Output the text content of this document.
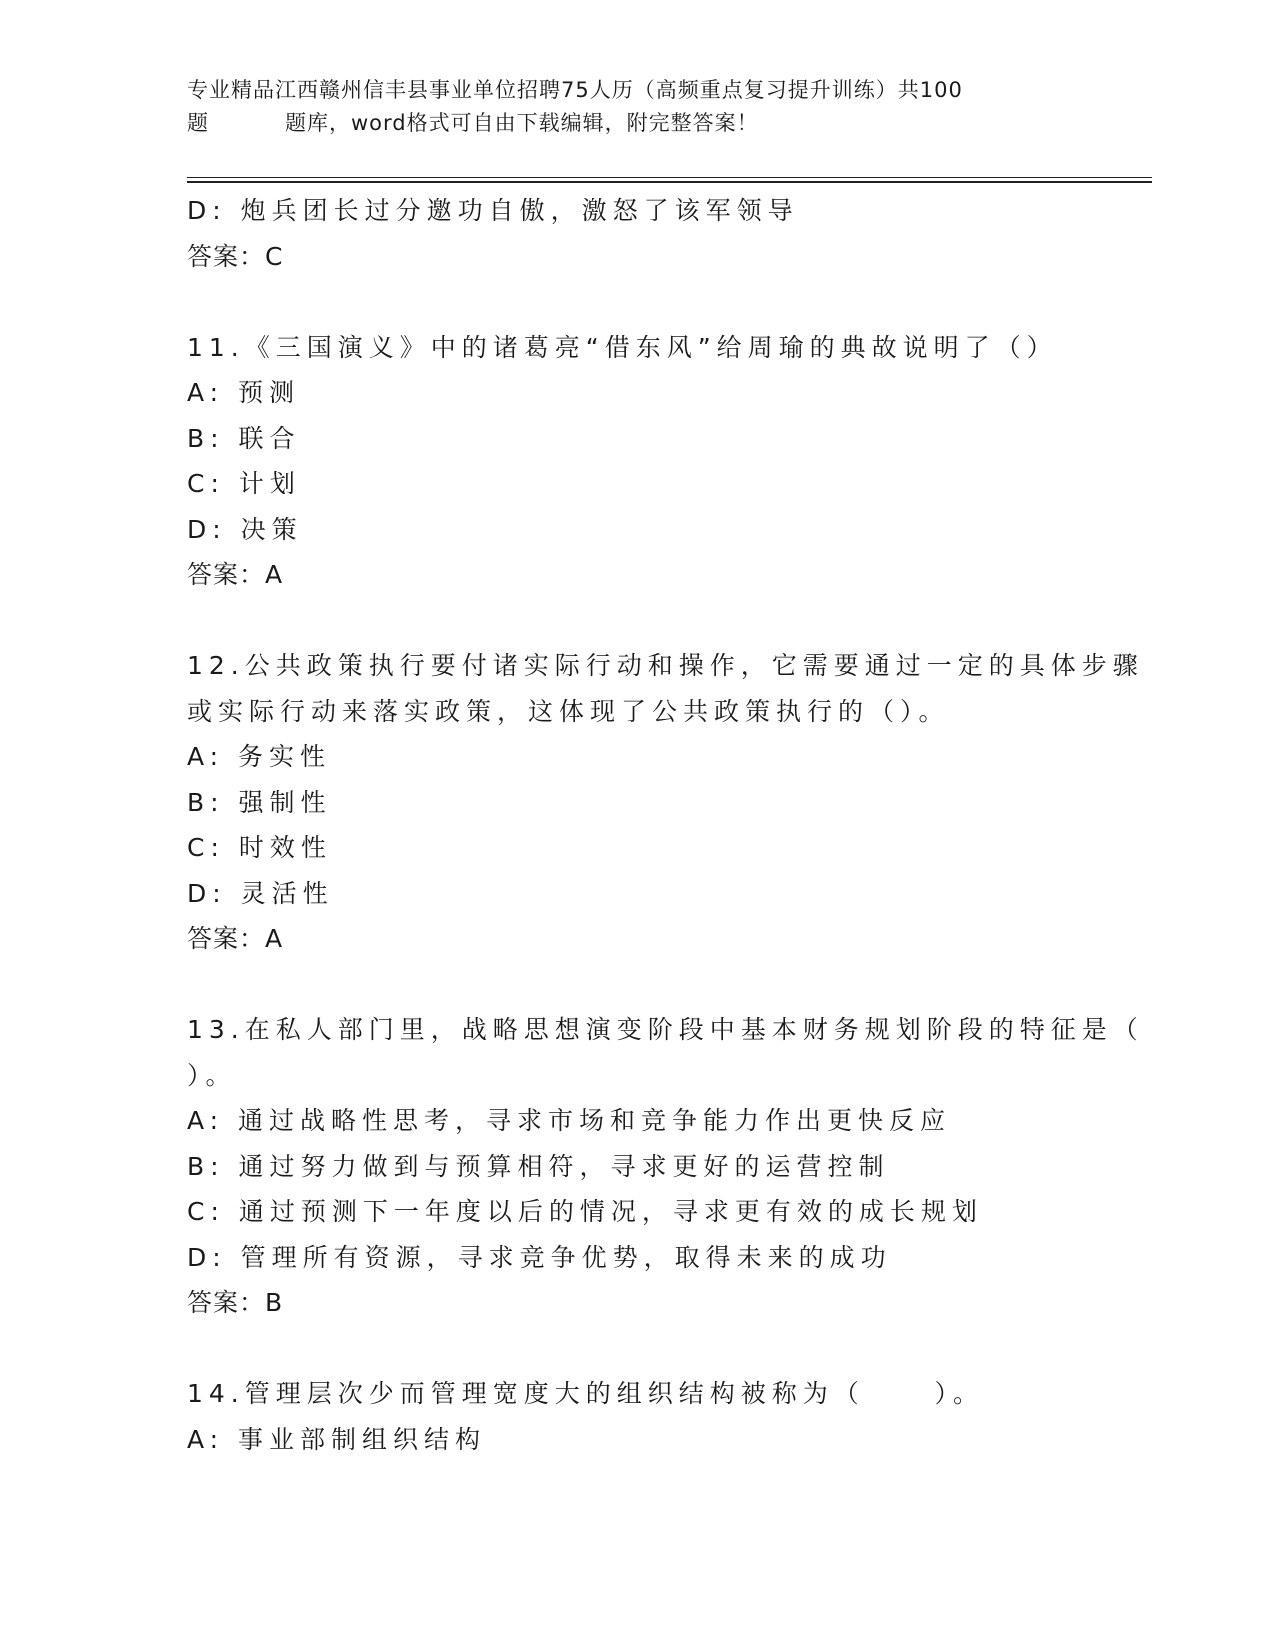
专业精品江西赣州信丰县事业单位招聘75人历（高频重点复习提升训练）共100
题	题库，word格式可自由下载编辑，附完整答案！
D: 炮兵团长过分邀功自傲，激怒了该军领导
答案：C
11.《三国演义》中的诸葛亮“借东风”给周瑜的典故说明了（）
A: 预测
B: 联合
C: 计划
D: 决策
答案：A
12.公共政策执行要付诸实际行动和操作，它需要通过一定的具体步骤
或实际行动来落实政策，这体现了公共政策执行的（）。
A: 务实性
B: 强制性
C: 时效性
D: 灵活性
答案：A
13.在私人部门里，战略思想演变阶段中基本财务规划阶段的特征是（
）。
A: 通过战略性思考，寻求市场和竞争能力作出更快反应
B: 通过努力做到与预算相符，寻求更好的运营控制
C: 通过预测下一年度以后的情况，寻求更有效的成长规划
D: 管理所有资源，寻求竞争优势，取得未来的成功
答案：B
14.管理层次少而管理宽度大的组织结构被称为（     ）。
A: 事业部制组织结构
